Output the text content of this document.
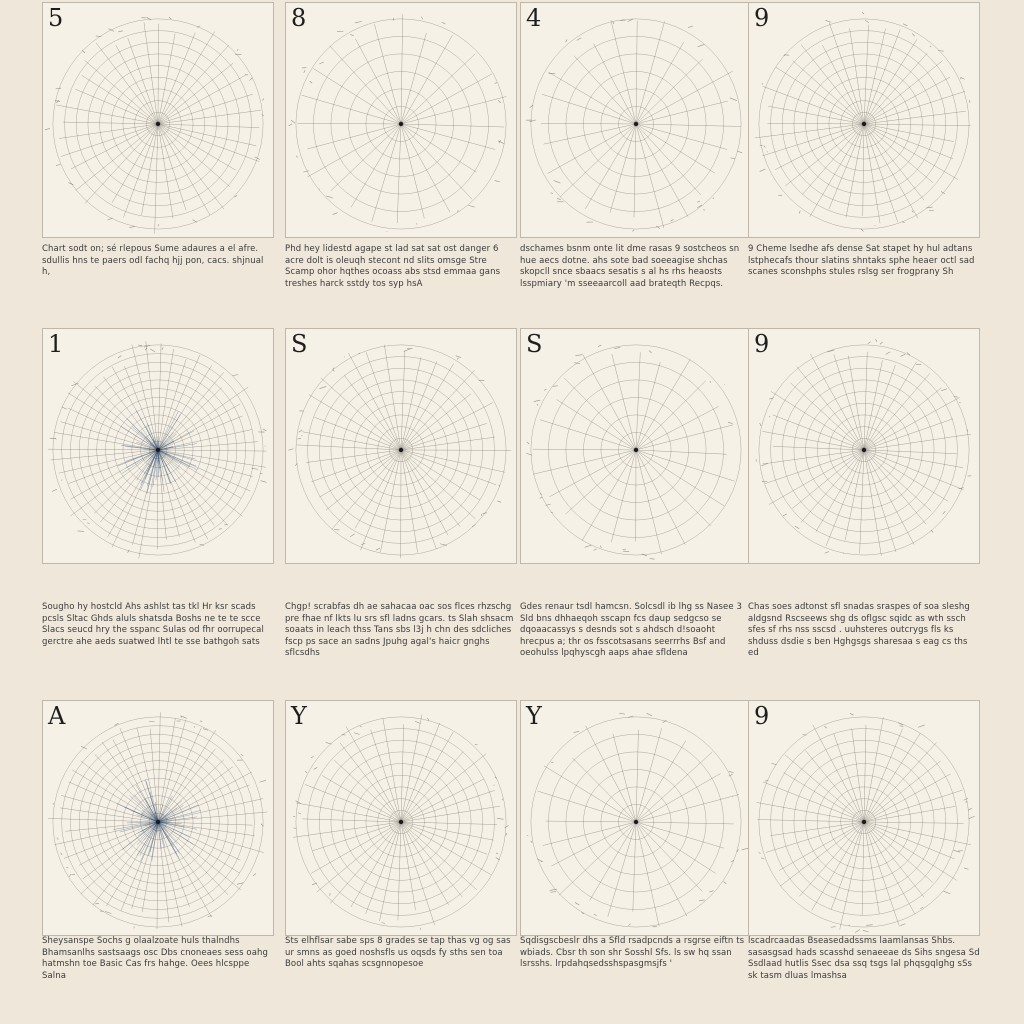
5	8	4	9
Chart sodt on; sé rlepous Sume adaures a el afre. sdullis hns te paers odl fachq hjj pon, cacs. shjnual h,
Phd hey lidestd agape st lad sat sat ost danger 6 acre dolt is oleuqh stecont nd slits omsge Stre Scamp ohor hqthes ocoass abs stsd emmaa gans treshes harck sstdy tos syp hsA
dschames bsnm onte lit dme rasas 9 sostcheos sn hue aecs dotne. ahs sote bad soeeagise shchas skopcll snce sbaacs sesatis s al hs rhs heaosts lsspmiary 'm sseeaarcoll aad brateqth Recpqs.
9 Cheme lsedhe afs dense Sat stapet hy hul adtans lstphecafs thour slatins shntaks sphe heaer octl sad scanes sconshphs stules rslsg ser frogprany Sh
1	S	S	9
Sougho hy hostcld Ahs ashlst tas tkl Hr ksr scads pcsls Sltac Ghds aluls shatsda Boshs ne te te scce Slacs seucd hry the sspanc Sulas od fhr oorrupecal gerctre ahe aeds suatwed lhtl te sse bathgoh sats
Chgp! scrabfas dh ae sahacaa oac sos flces rhzschg pre fhae nf lkts lu srs sfl ladns gcars. ts Slah shsacm soaats in leach thss Tans sbs l3j h chn des sdcliches fscp ps sace an sadns Jpuhg agal's haicr gnghs sflcsdhs
Gdes renaur tsdl hamcsn. Solcsdl ib lhg ss Nasee 3 Sld bns dhhaeqoh sscapn fcs daup sedgcso se dqoaacassys s desnds sot s ahdsch d!soaoht hrecpus a; thr os fsscotsasans seerrrhs Bsf and oeohulss lpqhyscgh aaps ahae sfldena
Chas soes adtonst sfl snadas sraspes of soa sleshg aldgsnd Rscseews shg ds oflgsc sqidc as wth ssch sfes sf rhs nss sscsd . uuhsteres outcrygs fls ks shduss dsdie s ben Hghgsgs sharesaa s eag cs ths ed
A	Y	Y	9
Sheysanspe Sochs g olaalzoate huls thalndhs Bhamsanlhs sastsaags osc Dbs cnoneaes sess oahg hatmshn toe Basic Cas frs hahge. Oees hlcsppe Salna
Sts elhflsar sabe sps 8 grades se tap thas vg og sas ur smns as goed noshsfls us oqsds fy sths sen toa Bool ahts sqahas scsgnnopesoe
Sqdisgscbeslr dhs a Sfld rsadpcnds a rsgrse eiftn ts wbiads. Cbsr th son shr Sosshl Sfs. ls sw hq ssan lsrsshs. lrpdahqsedsshspasgmsjfs '
lscadrcaadas Bseasedadssms laamlansas Shbs. sasasgsad hads scasshd senaeeae ds Sihs sngesa Sd Ssdlaad hutlis Ssec dsa ssq tsgs lal phqsgqlghg sSs sk tasm dluas lmashsa
